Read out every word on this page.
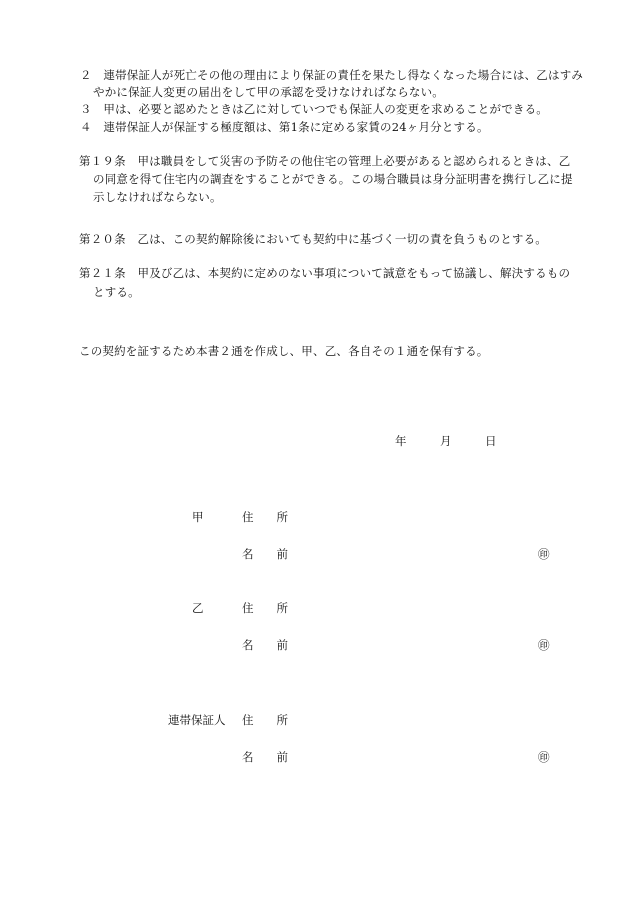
２　連帯保証人が死亡その他の理由により保証の責任を果たし得なくなった場合には、乙はすみ
やかに保証人変更の届出をして甲の承認を受けなければならない。
３　甲は、必要と認めたときは乙に対していつでも保証人の変更を求めることができる。
４　連帯保証人が保証する極度額は、第1条に定める家賃の24ヶ月分とする。
第１９条　甲は職員をして災害の予防その他住宅の管理上必要があると認められるときは、乙
の同意を得て住宅内の調査をすることができる。この場合職員は身分証明書を携行し乙に提
示しなければならない。
第２０条　乙は、この契約解除後においても契約中に基づく一切の責を負うものとする。
第２１条　甲及び乙は、本契約に定めのない事項について誠意をもって協議し、解決するもの
とする。
この契約を証するため本書２通を作成し、甲、乙、各自その１通を保有する。
年	月	日
甲	住　　所
名　　前	㊞
乙	住　　所
名　　前	㊞
連帯保証人 住　　所
名　　前	㊞
